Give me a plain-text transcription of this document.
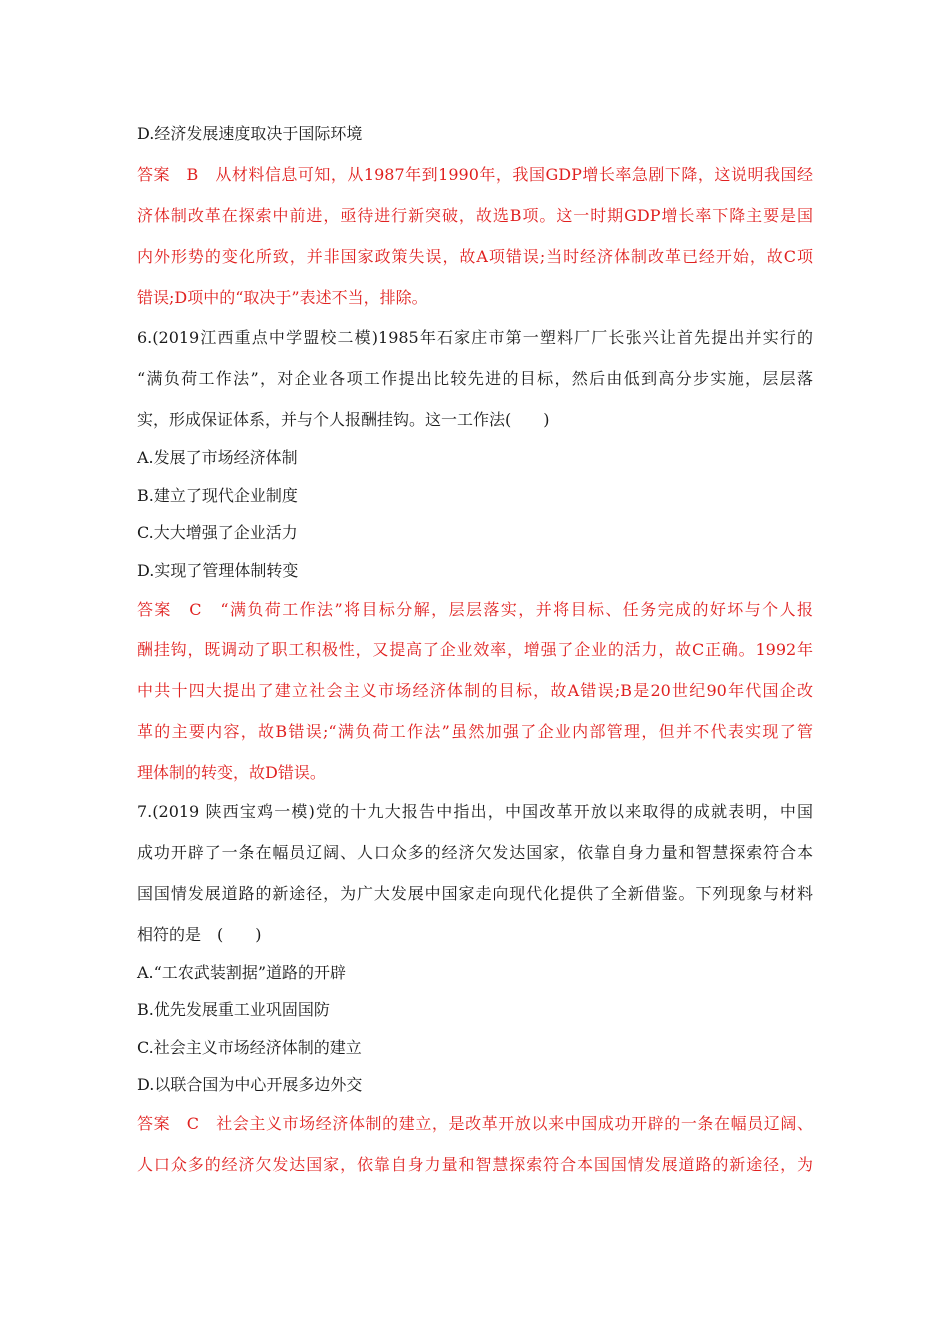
D.经济发展速度取决于国际环境
答案　B　从材料信息可知，从1987年到1990年，我国GDP增长率急剧下降，这说明我国经
济体制改革在探索中前进，亟待进行新突破，故选B项。这一时期GDP增长率下降主要是国
内外形势的变化所致，并非国家政策失误，故A项错误;当时经济体制改革已经开始，故C项
错误;D项中的“取决于”表述不当，排除。
6.(2019江西重点中学盟校二模)1985年石家庄市第一塑料厂厂长张兴让首先提出并实行的
“满负荷工作法”，对企业各项工作提出比较先进的目标，然后由低到高分步实施，层层落
实，形成保证体系，并与个人报酬挂钩。这一工作法(　　)
A.发展了市场经济体制
B.建立了现代企业制度
C.大大增强了企业活力
D.实现了管理体制转变
答案　C　“满负荷工作法”将目标分解，层层落实，并将目标、任务完成的好坏与个人报
酬挂钩，既调动了职工积极性，又提高了企业效率，增强了企业的活力，故C正确。1992年
中共十四大提出了建立社会主义市场经济体制的目标，故A错误;B是20世纪90年代国企改
革的主要内容，故B错误;“满负荷工作法”虽然加强了企业内部管理，但并不代表实现了管
理体制的转变，故D错误。
7.(2019 陕西宝鸡一模)党的十九大报告中指出，中国改革开放以来取得的成就表明，中国
成功开辟了一条在幅员辽阔、人口众多的经济欠发达国家，依靠自身力量和智慧探索符合本
国国情发展道路的新途径，为广大发展中国家走向现代化提供了全新借鉴。下列现象与材料
相符的是　(　　)
A.“工农武装割据”道路的开辟
B.优先发展重工业巩固国防
C.社会主义市场经济体制的建立
D.以联合国为中心开展多边外交
答案　C　社会主义市场经济体制的建立，是改革开放以来中国成功开辟的一条在幅员辽阔、
人口众多的经济欠发达国家，依靠自身力量和智慧探索符合本国国情发展道路的新途径，为
